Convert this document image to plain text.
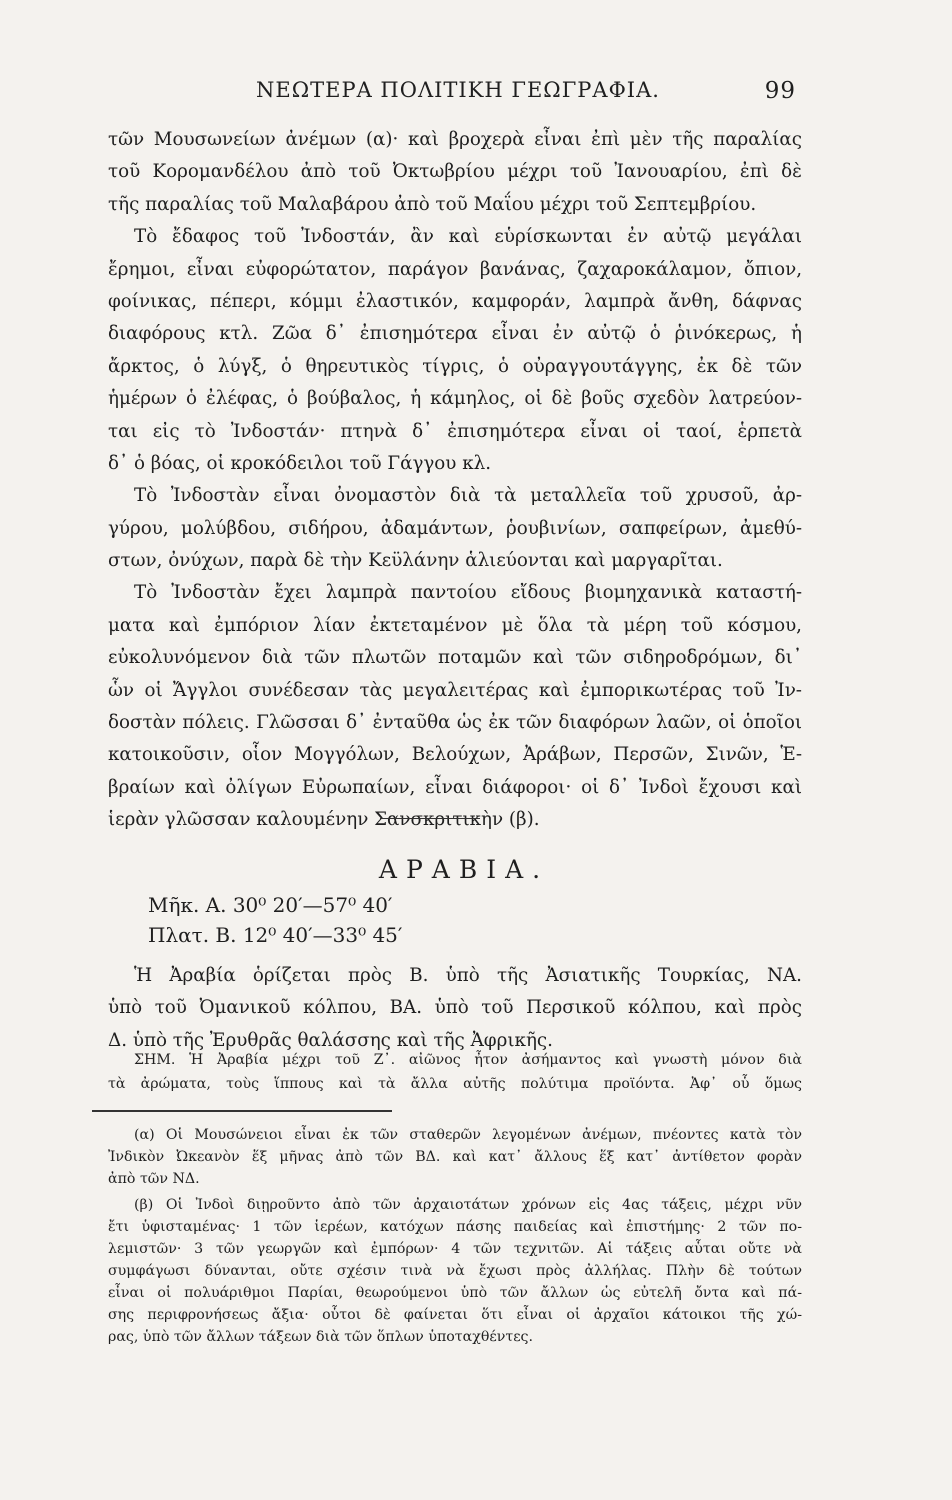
ΝΕΩΤΕΡΑ ΠΟΛΙΤΙΚΗ ΓΕΩΓΡΑΦΙΑ.	99
τῶν Μουσωνείων ἀνέμων (α)· καὶ βροχερὰ εἶναι ἐπὶ μὲν τῆς παραλίας
τοῦ Κορομανδέλου ἀπὸ τοῦ Ὀκτωβρίου μέχρι τοῦ Ἰανουαρίου, ἐπὶ δὲ
τῆς παραλίας τοῦ Μαλαβάρου ἀπὸ τοῦ Μαΐου μέχρι τοῦ Σεπτεμβρίου.
Τὸ ἔδαφος τοῦ Ἰνδοστάν, ἂν καὶ εὑρίσκωνται ἐν αὐτῷ μεγάλαι
ἔρημοι, εἶναι εὐφορώτατον, παράγον βανάνας, ζαχαροκάλαμον, ὄπιον,
φοίνικας, πέπερι, κόμμι ἐλαστικόν, καμφοράν, λαμπρὰ ἄνθη, δάφνας
διαφόρους κτλ. Ζῶα δ᾽ ἐπισημότερα εἶναι ἐν αὐτῷ ὁ ῥινόκερως, ἡ
ἄρκτος, ὁ λύγξ, ὁ θηρευτικὸς τίγρις, ὁ οὐραγγουτάγγης, ἐκ δὲ τῶν
ἡμέρων ὁ ἐλέφας, ὁ βούβαλος, ἡ κάμηλος, οἱ δὲ βοῦς σχεδὸν λατρεύον-
ται εἰς τὸ Ἰνδοστάν· πτηνὰ δ᾽ ἐπισημότερα εἶναι οἱ ταοί, ἑρπετὰ
δ᾽ ὁ βόας, οἱ κροκόδειλοι τοῦ Γάγγου κλ.
Τὸ Ἰνδοστὰν εἶναι ὀνομαστὸν διὰ τὰ μεταλλεῖα τοῦ χρυσοῦ, ἀρ-
γύρου, μολύβδου, σιδήρου, ἀδαμάντων, ῥουβινίων, σαπφείρων, ἀμεθύ-
στων, ὀνύχων, παρὰ δὲ τὴν Κεϋλάνην ἁλιεύονται καὶ μαργαρῖται.
Τὸ Ἰνδοστὰν ἔχει λαμπρὰ παντοίου εἴδους βιομηχανικὰ καταστή-
ματα καὶ ἐμπόριον λίαν ἐκτεταμένον μὲ ὅλα τὰ μέρη τοῦ κόσμου,
εὐκολυνόμενον διὰ τῶν πλωτῶν ποταμῶν καὶ τῶν σιδηροδρόμων, δι᾽
ὧν οἱ Ἄγγλοι συνέδεσαν τὰς μεγαλειτέρας καὶ ἐμπορικωτέρας τοῦ Ἰν-
δοστὰν πόλεις. Γλῶσσαι δ᾽ ἐνταῦθα ὡς ἐκ τῶν διαφόρων λαῶν, οἱ ὁποῖοι
κατοικοῦσιν, οἷον Μογγόλων, Βελούχων, Ἀράβων, Περσῶν, Σινῶν, Ἑ-
βραίων καὶ ὀλίγων Εὐρωπαίων, εἶναι διάφοροι· οἱ δ᾽ Ἰνδοὶ ἔχουσι καὶ
ἱερὰν γλῶσσαν καλουμένην Σανσκριτικὴν (β).
ΑΡΑΒΙΑ.
Μῆκ. Α. 30⁰ 20′—57⁰ 40′
Πλατ. Β. 12⁰ 40′—33⁰ 45′
Ἡ Ἀραβία ὁρίζεται πρὸς Β. ὑπὸ τῆς Ἀσιατικῆς Τουρκίας, ΝΑ.
ὑπὸ τοῦ Ὀμανικοῦ κόλπου, ΒΑ. ὑπὸ τοῦ Περσικοῦ κόλπου, καὶ πρὸς
Δ. ὑπὸ τῆς Ἐρυθρᾶς θαλάσσης καὶ τῆς Ἀφρικῆς.
ΣΗΜ. Ἡ Ἀραβία μέχρι τοῦ Ζ᾽. αἰῶνος ἦτον ἀσήμαντος καὶ γνωστὴ μόνον διὰ
τὰ ἀρώματα, τοὺς ἵππους καὶ τὰ ἄλλα αὐτῆς πολύτιμα προϊόντα. Ἀφ᾽ οὗ ὅμως
(α) Οἱ Μουσώνειοι εἶναι ἐκ τῶν σταθερῶν λεγομένων ἀνέμων, πνέοντες κατὰ τὸν
Ἰνδικὸν Ὠκεανὸν ἕξ μῆνας ἀπὸ τῶν ΒΔ. καὶ κατ᾽ ἄλλους ἕξ κατ᾽ ἀντίθετον φορὰν
ἀπὸ τῶν ΝΔ.
(β) Οἱ Ἰνδοὶ διῃροῦντο ἀπὸ τῶν ἀρχαιοτάτων χρόνων εἰς 4ας τάξεις, μέχρι νῦν
ἔτι ὑφισταμένας· 1 τῶν ἱερέων, κατόχων πάσης παιδείας καὶ ἐπιστήμης· 2 τῶν πο-
λεμιστῶν· 3 τῶν γεωργῶν καὶ ἐμπόρων· 4 τῶν τεχνιτῶν. Αἱ τάξεις αὗται οὔτε νὰ
συμφάγωσι δύνανται, οὔτε σχέσιν τινὰ νὰ ἔχωσι πρὸς ἀλλήλας. Πλὴν δὲ τούτων
εἶναι οἱ πολυάριθμοι Παρίαι, θεωρούμενοι ὑπὸ τῶν ἄλλων ὡς εὐτελῆ ὄντα καὶ πά-
σης περιφρονήσεως ἄξια· οὗτοι δὲ φαίνεται ὅτι εἶναι οἱ ἀρχαῖοι κάτοικοι τῆς χώ-
ρας, ὑπὸ τῶν ἄλλων τάξεων διὰ τῶν ὅπλων ὑποταχθέντες.
